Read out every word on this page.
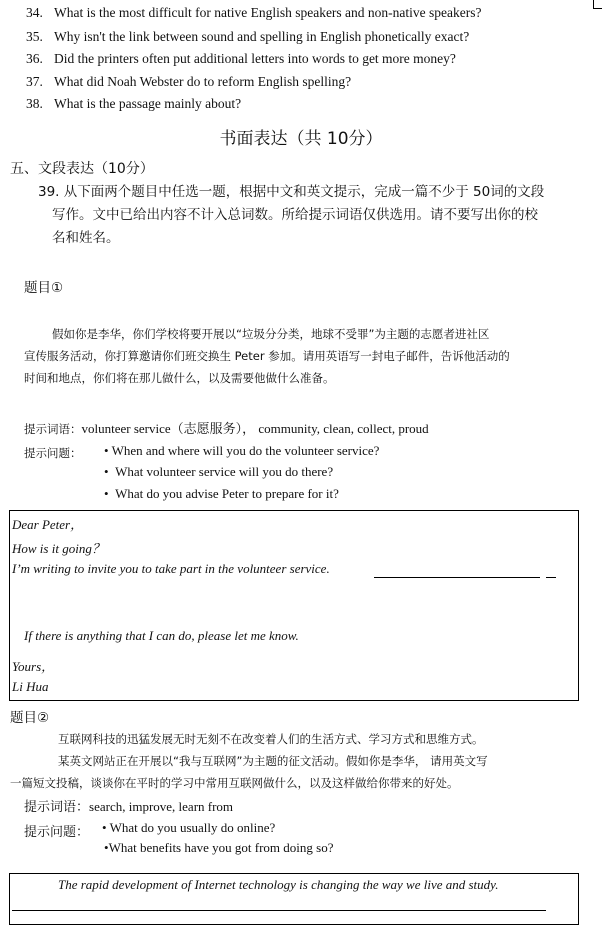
34. What is the most difficult for native English speakers and non-native speakers?
35. Why isn't the link between sound and spelling in English phonetically exact?
36. Did the printers often put additional letters into words to get more money?
37. What did Noah Webster do to reform English spelling?
38. What is the passage mainly about?
书面表达（共 10分）
五、文段表达（10分）
39. 从下面两个题目中任选一题，根据中文和英文提示，完成一篇不少于 50词的文段
写作。文中已给出内容不计入总词数。所给提示词语仅供选用。请不要写出你的校
名和姓名。
题目①
假如你是李华，你们学校将要开展以“垃圾分分类，地球不受罪”为主题的志愿者进社区
宣传服务活动，你打算邀请你们班交换生 Peter 参加。请用英语写一封电子邮件，告诉他活动的
时间和地点，你们将在那儿做什么，以及需要他做什么准备。
提示词语：volunteer service（志愿服务）， community, clean, collect, proud
提示问题： • When and where will you do the volunteer service?
•  What volunteer service will you do there?
•  What do you advise Peter to prepare for it?
Dear Peter，
How is it going？
I’m writing to invite you to take part in the volunteer service.
If there is anything that I can do, please let me know.
Yours，
Li Hua
题目②
互联网科技的迅猛发展无时无刻不在改变着人们的生活方式、学习方式和思维方式。
某英文网站正在开展以“我与互联网”为主题的征文活动。假如你是李华， 请用英文写
一篇短文投稿，谈谈你在平时的学习中常用互联网做什么，以及这样做给你带来的好处。
提示词语：search, improve, learn from
提示问题： • What do you usually do online?
•What benefits have you got from doing so?
The rapid development of Internet technology is changing the way we live and study.
